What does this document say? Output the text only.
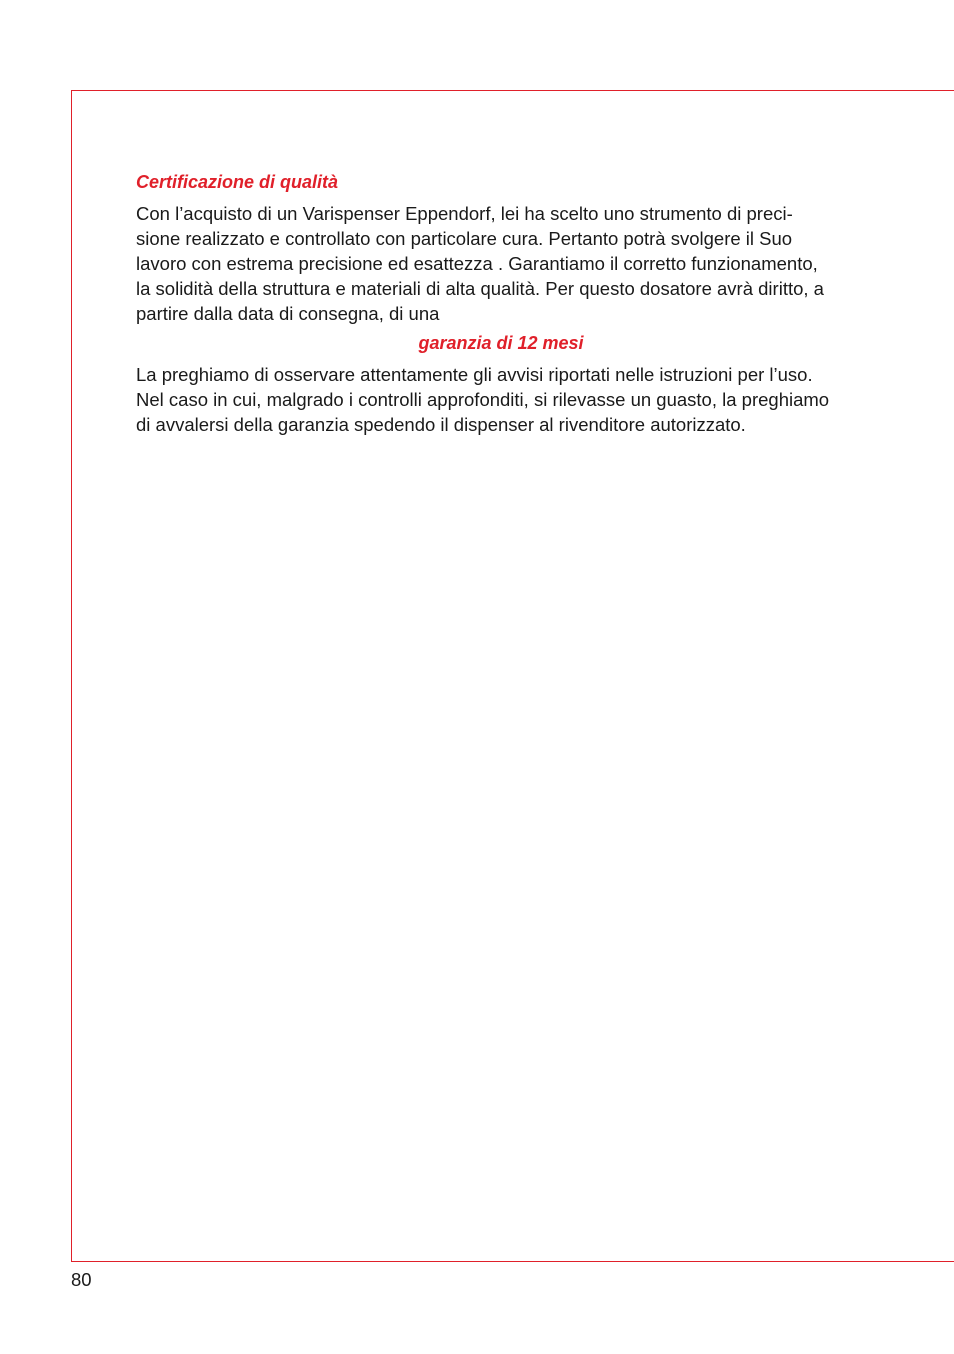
Certificazione di qualità

Con l’acquisto di un Varispenser Eppendorf, lei ha scelto uno strumento di preci-
sione realizzato e controllato con particolare cura. Pertanto potrà svolgere il Suo
lavoro con estrema precisione ed esattezza . Garantiamo il corretto funzionamento,
la solidità della struttura e materiali di alta qualità. Per questo dosatore avrà diritto, a
partire dalla data di consegna, di una

garanzia di 12 mesi

La preghiamo di osservare attentamente gli avvisi riportati nelle istruzioni per l’uso.
Nel caso in cui, malgrado i controlli approfonditi, si rilevasse un guasto, la preghiamo
di avvalersi della garanzia spedendo il dispenser al rivenditore autorizzato.

80
